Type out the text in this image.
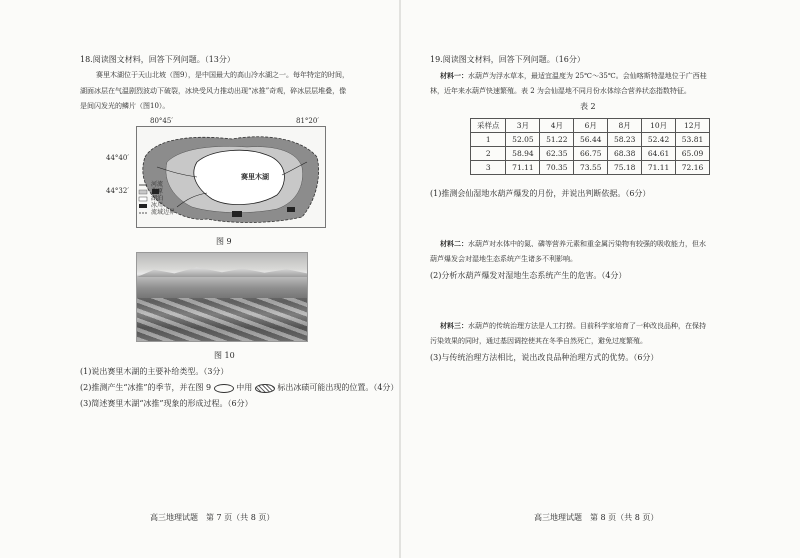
18.阅读图文材料，回答下列问题。（13分）
赛里木湖位于天山北坡（图9），是中国最大的高山冷水湖之一。每年特定的时间，
湖面冰层在气温剧烈波动下破裂，冰块受风力推动出现“冰推”奇观，碎冰层层堆叠，像
是间闪发光的鳞片（图10）。
80°45′	81°20′
44°40′
44°32′
赛里木湖
河流
草原
湖泊
冰川
流域边界
图 9
图 10
(1)说出赛里木湖的主要补给类型。（3分）
(2)推测产生“冰推”的季节，并在图 9	中用	标出冰碛可能出现的位置。（4分）
(3)简述赛里木湖“冰推”现象的形成过程。（6分）
高三地理试题　第 7 页（共 8 页）
19.阅读图文材料，回答下列问题。（16分）
材料一：水葫芦为浮水草本，最适宜温度为 25℃～35℃。会仙喀斯特湿地位于广西桂
林，近年来水葫芦快速繁殖。表 2 为会仙湿地不同月份水体综合营养状态指数特征。
表 2
采样点	3月	4月	6月	8月	10月	12月
1	52.05	51.22	56.44	58.23	52.42	53.81
2	58.94	62.35	66.75	68.38	64.61	65.09
3	71.11	70.35	73.55	75.18	71.11	72.16
(1)推测会仙湿地水葫芦爆发的月份，并说出判断依据。（6分）
材料二：水葫芦对水体中的氮、磷等营养元素和重金属污染物有较强的吸收能力，但水
葫芦爆发会对湿地生态系统产生诸多不利影响。
(2)分析水葫芦爆发对湿地生态系统产生的危害。（4分）
材料三：水葫芦的传统治理方法是人工打捞。目前科学家培育了一种改良品种，在保持
污染效果的同时，通过基因调控使其在冬季自然死亡，避免过度繁殖。
(3)与传统治理方法相比，说出改良品种治理方式的优势。（6分）
高三地理试题　第 8 页（共 8 页）
